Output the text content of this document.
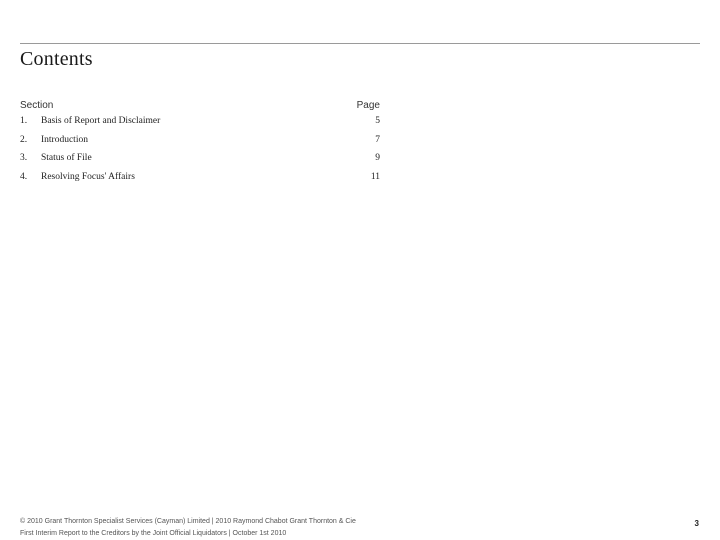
Contents
Section	Page
1. Basis of Report and Disclaimer	5
2. Introduction	7
3. Status of File	9
4. Resolving Focus' Affairs	11
© 2010 Grant Thornton Specialist Services (Cayman) Limited | 2010 Raymond Chabot Grant Thornton & Cie
First Interim Report to the Creditors by the Joint Official Liquidators | October 1st 2010
3
